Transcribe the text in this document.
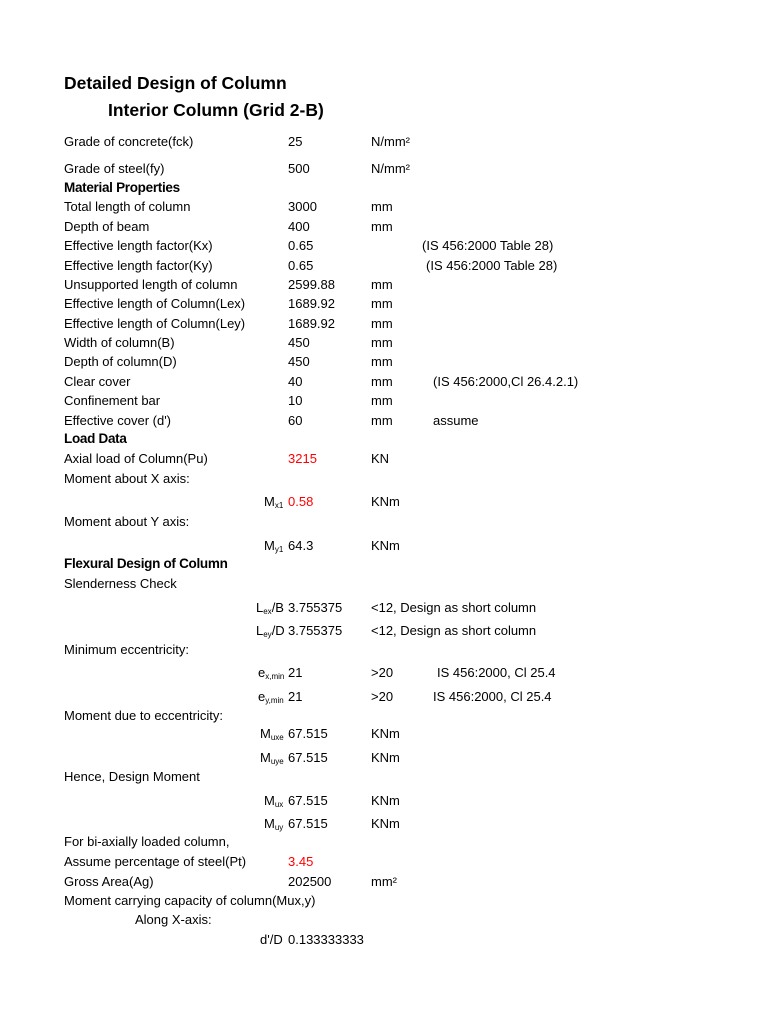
Detailed Design of Column
Interior Column (Grid 2-B)
Grade of concrete(fck)	25	N/mm²
Grade of steel(fy)	500	N/mm²
Material Properties
Total length of column	3000	mm
Depth of beam	400	mm
Effective length factor(Kx)	0.65	(IS 456:2000 Table 28)
Effective length factor(Ky)	0.65	(IS 456:2000 Table 28)
Unsupported length of column	2599.88	mm
Effective length of Column(Lex)	1689.92	mm
Effective length of Column(Ley)	1689.92	mm
Width of column(B)	450	mm
Depth of column(D)	450	mm
Clear cover	40	mm	(IS 456:2000,Cl 26.4.2.1)
Confinement bar	10	mm
Effective cover (d')	60	mm	assume
Load Data
Axial load of Column(Pu)	3215	KN
Moment about X axis:
$M_{x1}$ 0.58	KNm
Moment about Y axis:
$M_{y1}$ 64.3	KNm
Flexural Design of Column
Slenderness Check
$L_{ex}/B$ 3.755375 <12, Design as short column
$L_{ey}/D$ 3.755375 <12, Design as short column
Minimum eccentricity:
$e_{x,min}$ 21	>20	IS 456:2000, Cl 25.4
$e_{y,min}$ 21	>20	IS 456:2000, Cl 25.4
Moment due to eccentricity:
$M_{uxe}$ 67.515	KNm
$M_{uye}$ 67.515	KNm
Hence, Design Moment
$M_{ux}$ 67.515	KNm
$M_{uy}$ 67.515	KNm
For bi-axially loaded column,
Assume percentage of steel(Pt)	3.45
Gross Area(Ag)	202500	mm²
Moment carrying capacity of column(Mux,y)
Along X-axis:
d'/D 0.133333333
